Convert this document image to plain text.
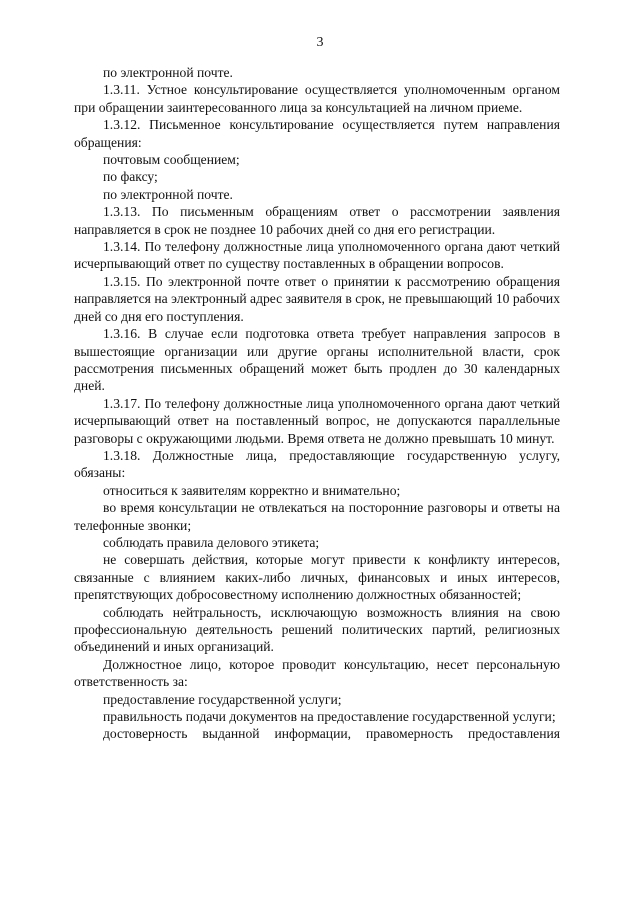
3

по электронной почте.

1.3.11. Устное консультирование осуществляется уполномоченным органом при обращении заинтересованного лица за консультацией на личном приеме.

1.3.12. Письменное консультирование осуществляется путем направления обращения:

почтовым сообщением;

по факсу;

по электронной почте.

1.3.13. По письменным обращениям ответ о рассмотрении заявления направляется в срок не позднее 10 рабочих дней со дня его регистрации.

1.3.14. По телефону должностные лица уполномоченного органа дают четкий исчерпывающий ответ по существу поставленных в обращении вопросов.

1.3.15. По электронной почте ответ о принятии к рассмотрению обращения направляется на электронный адрес заявителя в срок, не превышающий 10 рабочих дней со дня его поступления.

1.3.16. В случае если подготовка ответа требует направления запросов в вышестоящие организации или другие органы исполнительной власти, срок рассмотрения письменных обращений может быть продлен до 30 календарных дней.

1.3.17. По телефону должностные лица уполномоченного органа дают четкий исчерпывающий ответ на поставленный вопрос, не допускаются параллельные разговоры с окружающими людьми. Время ответа не должно превышать 10 минут.

1.3.18. Должностные лица, предоставляющие государственную услугу, обязаны:

относиться к заявителям корректно и внимательно;

во время консультации не отвлекаться на посторонние разговоры и ответы на телефонные звонки;

соблюдать правила делового этикета;

не совершать действия, которые могут привести к конфликту интересов, связанные с влиянием каких-либо личных, финансовых и иных интересов, препятствующих добросовестному исполнению должностных обязанностей;

соблюдать нейтральность, исключающую возможность влияния на свою профессиональную деятельность решений политических партий, религиозных объединений и иных организаций.

Должностное лицо, которое проводит консультацию, несет персональную ответственность за:

предоставление государственной услуги;

правильность подачи документов на предоставление государственной услуги;

достоверность выданной информации, правомерность предоставления
